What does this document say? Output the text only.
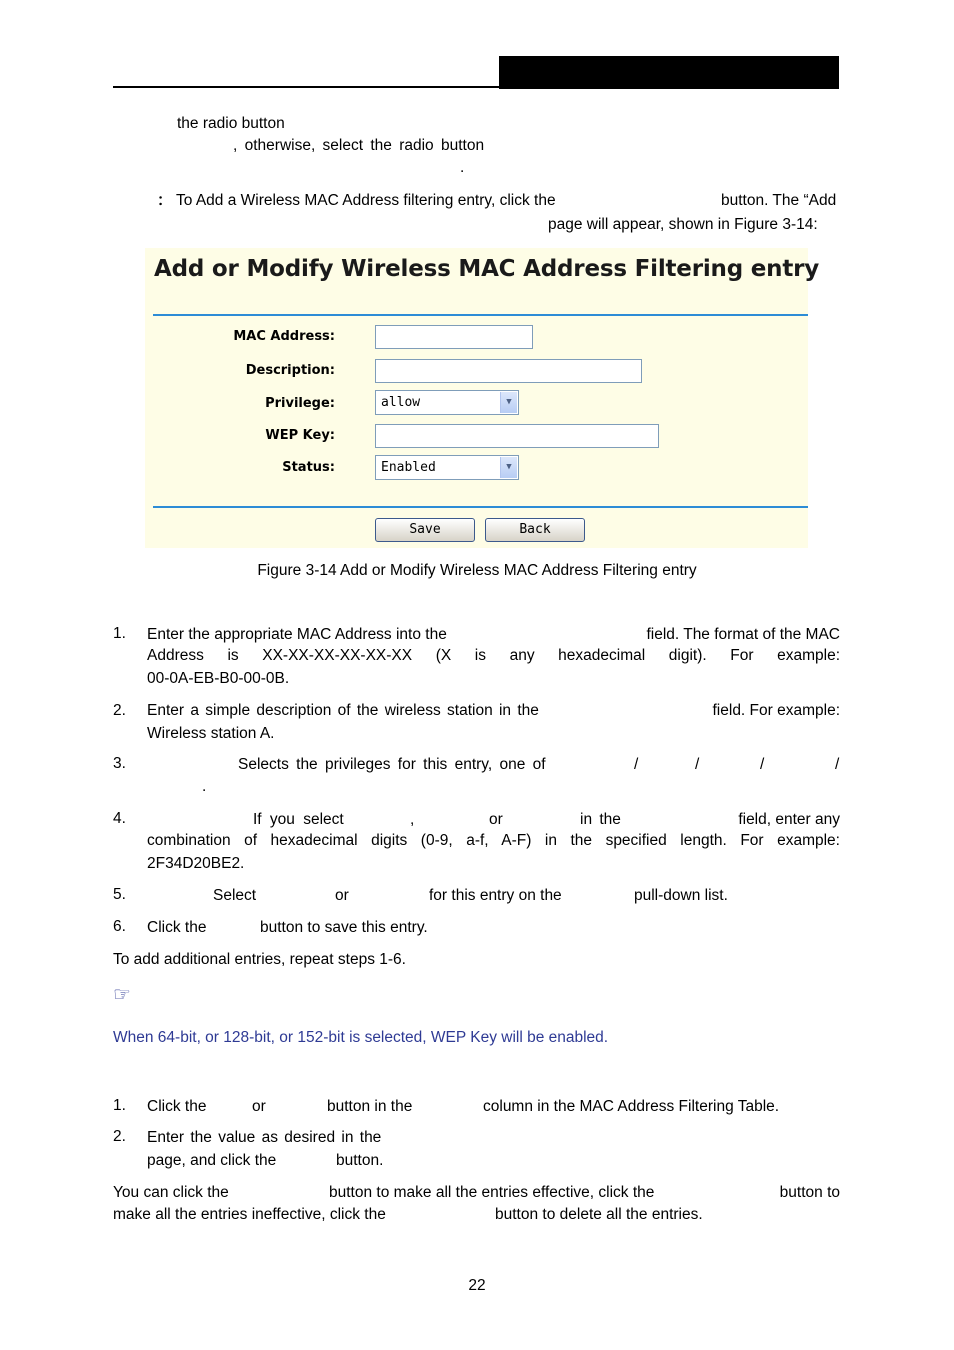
the radio button
, otherwise, select the radio button
.
： To Add a Wireless MAC Address filtering entry, click the	button. The “Add
page will appear, shown in Figure 3-14:
Add or Modify Wireless MAC Address Filtering entry
MAC Address:
Description:
Privilege:	allow	▼
WEP Key:
Status:	Enabled	▼
Save	Back
Figure 3-14 Add or Modify Wireless MAC Address Filtering entry
1. Enter the appropriate MAC Address into the	field. The format of the MAC
Address is XX-XX-XX-XX-XX-XX (X is any hexadecimal digit). For example:
00-0A-EB-B0-00-0B.
2. Enter a simple description of the wireless station in the	field. For example:
Wireless station A.
3.	Selects the privileges for this entry, one of	/	/	/	/
.
4.	If you select	,	or	in the	field, enter any
combination of hexadecimal digits (0-9, a-f, A-F) in the specified length. For example:
2F34D20BE2.
5.	Select	or	for this entry on the	pull-down list.
6. Click the	button to save this entry.
To add additional entries, repeat steps 1-6.
☞
When 64-bit, or 128-bit, or 152-bit is selected, WEP Key will be enabled.
1. Click the	or	button in the	column in the MAC Address Filtering Table.
2. Enter the value as desired in the
page, and click the	button.
You can click the	button to make all the entries effective, click the	button to
make all the entries ineffective, click the	button to delete all the entries.
22
